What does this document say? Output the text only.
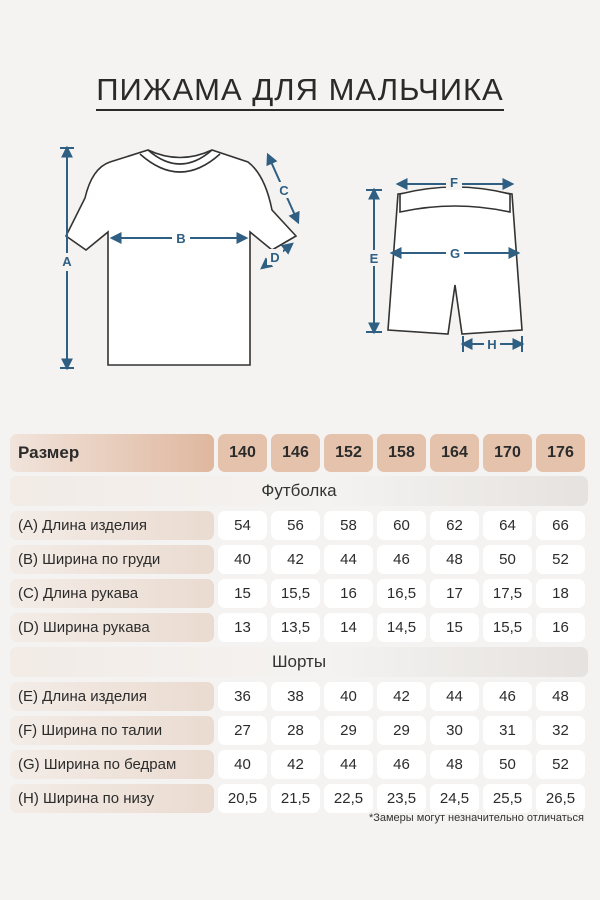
ПИЖАМА ДЛЯ МАЛЬЧИКА
A
B
C
D
F
G
E
H
Размер	140	146	152	158	164	170	176
Футболка
(A) Длина изделия	54	56	58	60	62	64	66
(B) Ширина по груди	40	42	44	46	48	50	52
(C) Длина рукава	15	15,5	16	16,5	17	17,5	18
(D) Ширина рукава	13	13,5	14	14,5	15	15,5	16
Шорты
(E) Длина изделия	36	38	40	42	44	46	48
(F) Ширина по талии	27	28	29	29	30	31	32
(G) Ширина по бедрам	40	42	44	46	48	50	52
(H) Ширина по низу	20,5	21,5	22,5	23,5	24,5	25,5	26,5
*Замеры могут незначительно отличаться
